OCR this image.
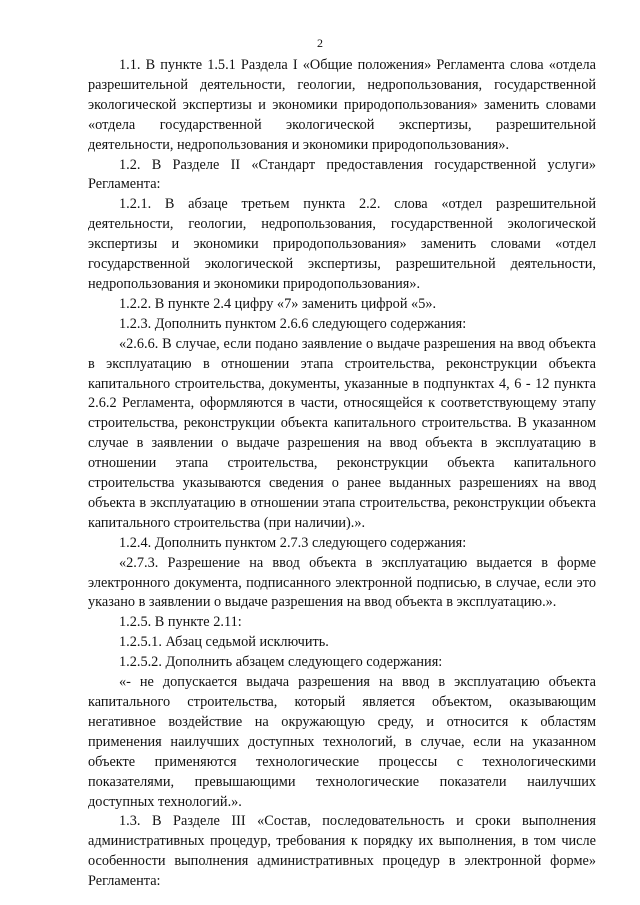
2

1.1. В пункте 1.5.1 Раздела I «Общие положения» Регламента слова «отдела разрешительной деятельности, геологии, недропользования, государственной экологической экспертизы и экономики природопользования» заменить словами «отдела государственной экологической экспертизы, разрешительной деятельности, недропользования и экономики природопользования».

1.2. В Разделе II «Стандарт предоставления государственной услуги» Регламента:

1.2.1. В абзаце третьем пункта 2.2. слова «отдел разрешительной деятельности, геологии, недропользования, государственной экологической экспертизы и экономики природопользования» заменить словами «отдел государственной экологической экспертизы, разрешительной деятельности, недропользования и экономики природопользования».

1.2.2. В пункте 2.4 цифру «7» заменить цифрой «5».

1.2.3. Дополнить пунктом 2.6.6 следующего содержания:

«2.6.6. В случае, если подано заявление о выдаче разрешения на ввод объекта в эксплуатацию в отношении этапа строительства, реконструкции объекта капитального строительства, документы, указанные в подпунктах 4, 6 - 12 пункта 2.6.2 Регламента, оформляются в части, относящейся к соответствующему этапу строительства, реконструкции объекта капитального строительства. В указанном случае в заявлении о выдаче разрешения на ввод объекта в эксплуатацию в отношении этапа строительства, реконструкции объекта капитального строительства указываются сведения о ранее выданных разрешениях на ввод объекта в эксплуатацию в отношении этапа строительства, реконструкции объекта капитального строительства (при наличии).».

1.2.4. Дополнить пунктом 2.7.3 следующего содержания:

«2.7.3. Разрешение на ввод объекта в эксплуатацию выдается в форме электронного документа, подписанного электронной подписью, в случае, если это указано в заявлении о выдаче разрешения на ввод объекта в эксплуатацию.».

1.2.5. В пункте 2.11:

1.2.5.1. Абзац седьмой исключить.

1.2.5.2. Дополнить абзацем следующего содержания:

«- не допускается выдача разрешения на ввод в эксплуатацию объекта капитального строительства, который является объектом, оказывающим негативное воздействие на окружающую среду, и относится к областям применения наилучших доступных технологий, в случае, если на указанном объекте применяются технологические процессы с технологическими показателями, превышающими технологические показатели наилучших доступных технологий.».

1.3. В Разделе III «Состав, последовательность и сроки выполнения административных процедур, требования к порядку их выполнения, в том числе особенности выполнения административных процедур в электронной форме» Регламента:
